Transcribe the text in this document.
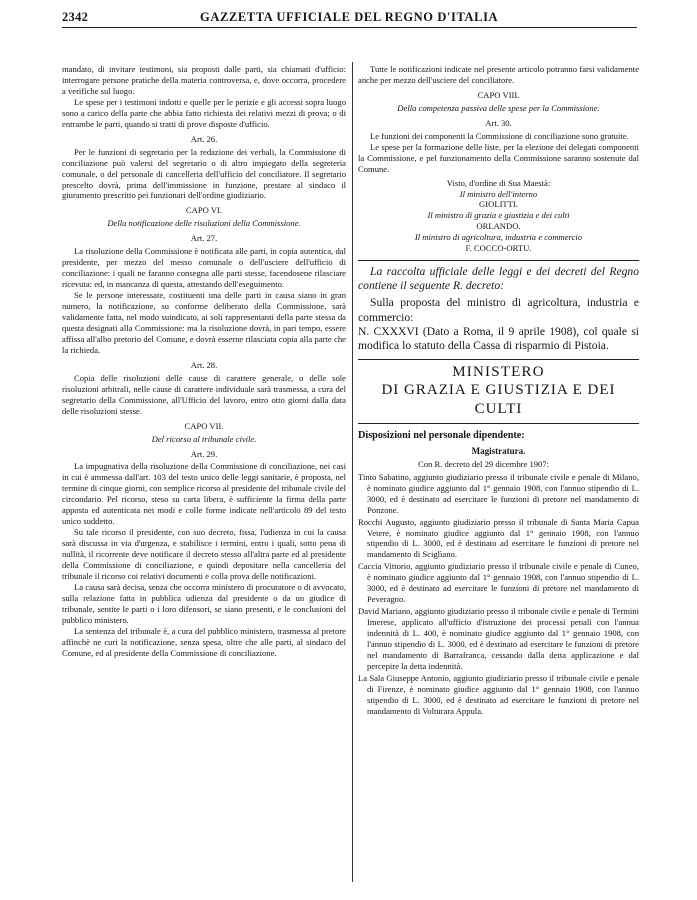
2342	GAZZETTA UFFICIALE DEL REGNO D'ITALIA

mandato, di invitare testimoni, sia proposti dalle parti, sia chiamati d'ufficio: interrogare persone pratiche della materia controversa, e, dove occorra, procedere a verifiche sul luogo.

Le spese per i testimoni indotti e quelle per le perizie e gli accessi sopra luogo sono a carico della parte che abbia fatto richiesta dei relativi mezzi di prova; o di entrambe le parti, quando si tratti di prove disposte d'ufficio.

Art. 26.

Per le funzioni di segretario per la redazione dei verbali, la Commissione di conciliazione può valersi del segretario o di altro impiegato della segreteria comunale, o del personale di cancelleria dell'ufficio del conciliatore. Il segretario prescelto dovrà, prima dell'immissione in funzione, prestare al sindaco il giuramento prescritto pei funzionari dell'ordine giudiziario.

CAPO VI.
Della notificazione delle risoluzioni della Commissione.
Art. 27.

La risoluzione della Commissione è notificata alle parti, in copia autentica, dal presidente, per mezzo del messo comunale o dell'usciere dell'ufficio di conciliazione: i quali ne faranno consegna alle parti stesse, facendosene rilasciare ricevuta: ed, in mancanza di questa, attestando dell'eseguimento.

Se le persone interessate, costituenti una delle parti in causa siano in gran numero, la notificazione, su conforme deliberato della Commissione, sarà validamente fatta, nel modo suindicato, ai soli rappresentanti della parte stessa da questa designati alla Commissione: ma la risoluzione dovrà, in pari tempo, essere affissa all'albo pretorio del Comune, e dovrà esserne rilasciata copia alla parte che la richieda.

Art. 28.

Copia delle risoluzioni delle cause di carattere generale, o delle sole risoluzioni arbitrali, nelle cause di carattere individuale sarà trasmessa, a cura del segretario della Commissione, all'Ufficio del lavoro, entro otto giorni dalla data delle risoluzioni stesse.

CAPO VII.
Del ricorso al tribunale civile.
Art. 29.

La impugnativa della risoluzione della Commissione di conciliazione, nei casi in cui è ammessa dall'art. 103 del testo unico delle leggi sanitarie, è proposta, nel termine di cinque giorni, con semplice ricorso al presidente del tribunale civile del circondario. Pel ricorso, steso su carta libera, è sufficiente la firma della parte apposta ed autenticata nei modi e colle forme indicate nell'articolo 89 del testo unico suddetto.

Su tale ricorso il presidente, con suo decreto, fissa, l'udienza in cui la causa sarà discussa in via d'urgenza, e stabilisce i termini, entro i quali, sotto pena di nullità, il ricorrente deve notificare il decreto stesso all'altra parte ed al presidente della Commissione di conciliazione, e quindi depositare nella cancelleria del tribunale il ricorso coi relativi documenti e colla prova delle notificazioni.

La causa sarà decisa, senza che occorra ministero di procuratore o di avvocato, sulla relazione fatta in pubblica udienza dal presidente o da un giudice di tribunale, sentite le parti o i loro difensori, se siano presenti, e le conclusioni del pubblico ministero.

La sentenza del tribunale è, a cura del pubblico ministero, trasmessa al pretore affinchè ne curi la notificazione, senza spesa, oltre che alle parti, al sindaco del Comune, ed al presidente della Commissione di conciliazione.

Tutte le notificazioni indicate nel presente articolo potranno farsi validamente anche per mezzo dell'usciere del conciliatore.

CAPO VIII.
Della competenza passiva delle spese per la Commissione.
Art. 30.

Le funzioni dei componenti la Commissione di conciliazione sono gratuite.

Le spese per la formazione delle liste, per la elezione dei delegati componenti la Commissione, e pel funzionamento della Commissione saranno sostenute dal Comune.

Visto, d'ordine di Sua Maestà:
Il ministro dell'interno
GIOLITTI.
Il ministro di grazia e giustizia e dei culti
ORLANDO.
Il ministro di agricoltura, industria e commercio
F. COCCO-ORTU.

La raccolta ufficiale delle leggi e dei decreti del Regno contiene il seguente R. decreto:

Sulla proposta del ministro di agricoltura, industria e commercio:

N. CXXXVI (Dato a Roma, il 9 aprile 1908), col quale si modifica lo statuto della Cassa di risparmio di Pistoia.

MINISTERO
DI GRAZIA E GIUSTIZIA E DEI CULTI

Disposizioni nel personale dipendente:

Magistratura.

Con R. decreto del 29 dicembre 1907:

Tinto Sabatino, aggiunto giudiziario presso il tribunale civile e penale di Milano, è nominato giudice aggiunto dal 1° gennaio 1908, con l'annuo stipendio di L. 3000, ed è destinato ad esercitare le funzioni di pretore nel mandamento di Ponzone.

Rocchi Augusto, aggiunto giudiziario presso il tribunale di Santa Maria Capua Vetere, è nominato giudice aggiunto dal 1° gennaio 1908, con l'annuo stipendio di L. 3000, ed è destinato ad esercitare le funzioni di pretore nel mandamento di Sciglìano.

Caccia Vittorio, aggiunto giudiziario presso il tribunale civile e penale di Cuneo, è nominato giudice aggiunto dal 1° gennaio 1908, con l'annuo stipendio di L. 3000, ed è destinato ad esercitare le funzioni di pretore nel mandamento di Peveragno.

David Mariano, aggiunto giudiziario presso il tribunale civile e penale di Termini Imerese, applicato all'ufficio d'istruzione dei processi penali con l'annua indennità di L. 400, è nominato giudice aggiunto dal 1° gennaio 1908, con l'annuo stipendio di L. 3000, ed è destinato ad esercitare le funzioni di pretore nel mandamento di Barrafranca, cessando dalla detta applicazione e dal percepire la detta indennità.

La Sala Giuseppe Antonio, aggiunto giudiziario presso il tribunale civile e penale di Firenze, è nominato giudice aggiunto dal 1° gennaio 1908, con l'annuo stipendio di L. 3000, ed è destinato ad esercitare le funzioni di pretore nel mandamento di Volturara Appula.
